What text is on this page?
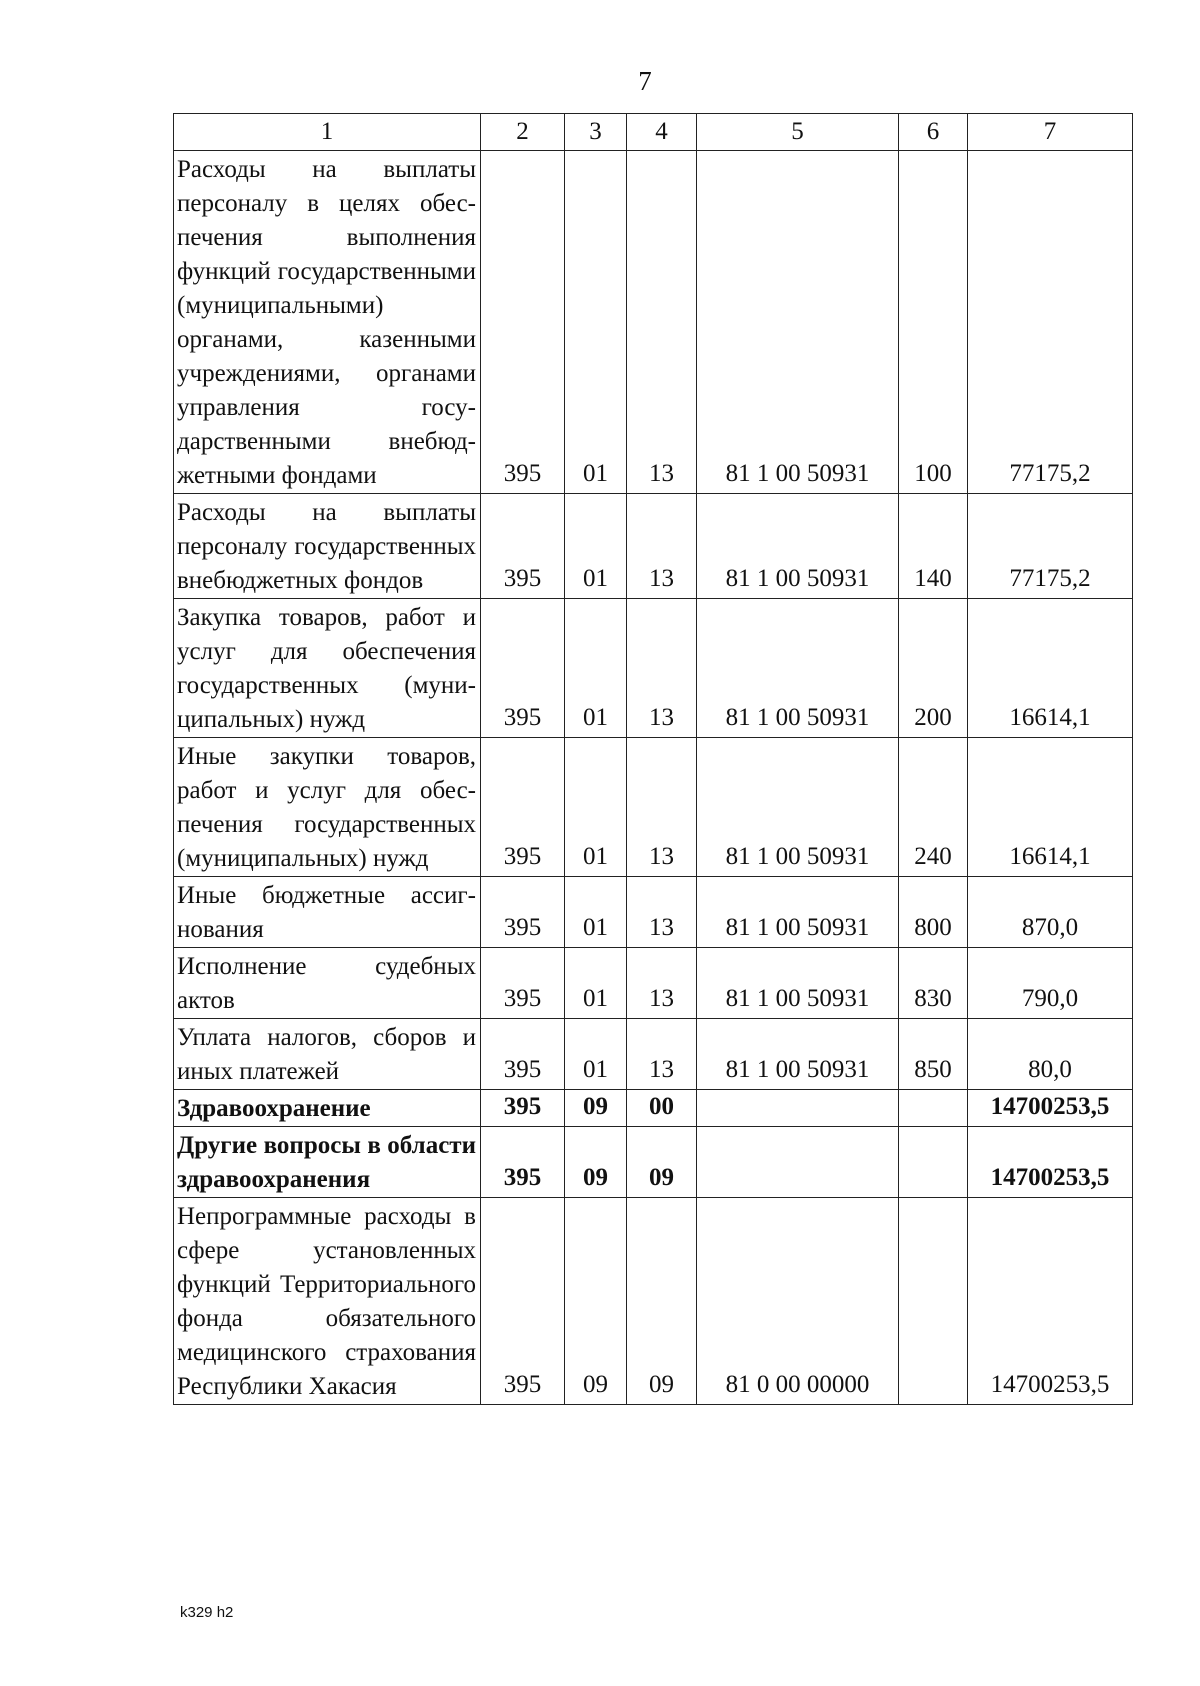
7
1	2	3	4	5	6	7
Расходы на выплаты персоналу в целях обеспечения выполнения функций государственными (муниципальными) органами, казенными учреждениями, органами управления государственными внебюджетными фондами	395	01	13	81 1 00 50931	100	77175,2
Расходы на выплаты персоналу государственных внебюджетных фондов	395	01	13	81 1 00 50931	140	77175,2
Закупка товаров, работ и услуг для обеспечения государственных (муниципальных) нужд	395	01	13	81 1 00 50931	200	16614,1
Иные закупки товаров, работ и услуг для обеспечения государственных (муниципальных) нужд	395	01	13	81 1 00 50931	240	16614,1
Иные бюджетные ассигнования	395	01	13	81 1 00 50931	800	870,0
Исполнение судебных актов	395	01	13	81 1 00 50931	830	790,0
Уплата налогов, сборов и иных платежей	395	01	13	81 1 00 50931	850	80,0
Здравоохранение	395	09	00			14700253,5
Другие вопросы в области здравоохранения	395	09	09			14700253,5
Непрограммные расходы в сфере установленных функций Территориального фонда обязательного медицинского страхования Республики Хакасия	395	09	09	81 0 00 00000		14700253,5
k329 h2
